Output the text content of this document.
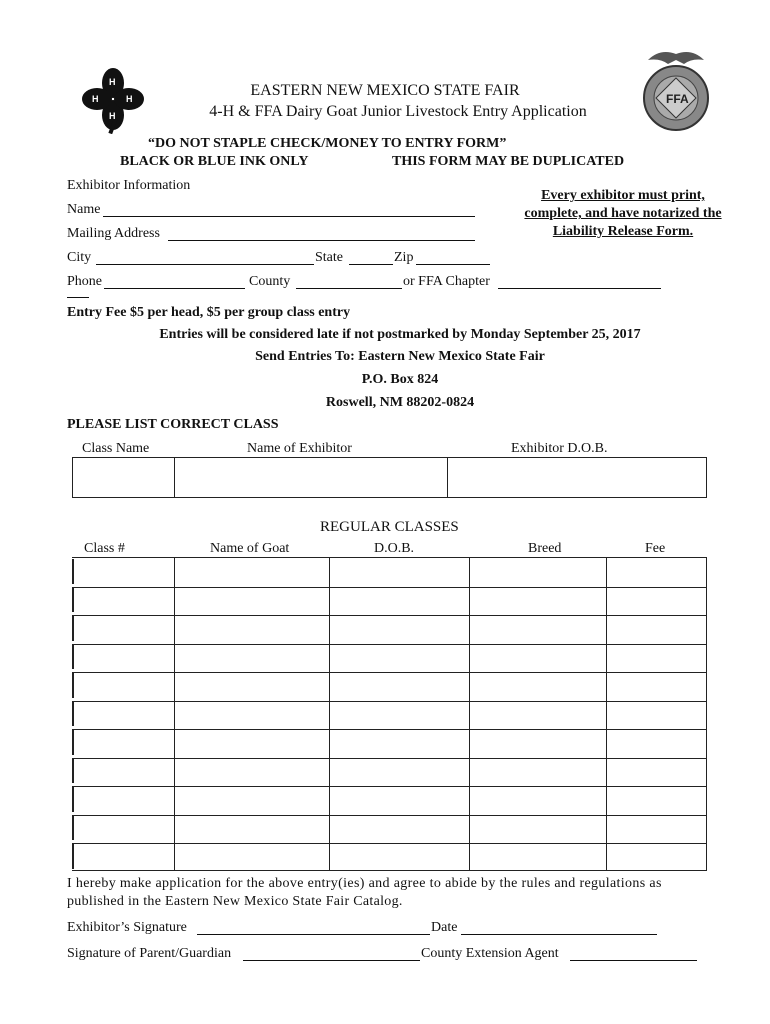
H
H
H	H	FFA
EASTERN NEW MEXICO STATE FAIR
4-H & FFA Dairy Goat Junior Livestock Entry Application
“DO NOT STAPLE CHECK/MONEY TO ENTRY FORM”
BLACK OR BLUE INK ONLY	THIS FORM MAY BE DUPLICATED
Exhibitor Information
Name
Mailing Address
City	State	Zip
Phone	County	or FFA Chapter
Every exhibitor must print,
complete, and have notarized the
Liability Release Form.
Entry Fee $5 per head, $5 per group class entry
Entries will be considered late if not postmarked by Monday September 25, 2017
Send Entries To: Eastern New Mexico State Fair
P.O. Box 824
Roswell, NM 88202-0824
PLEASE LIST CORRECT CLASS
Class Name	Name of Exhibitor	Exhibitor D.O.B.
REGULAR CLASSES
Class #	Name of Goat	D.O.B.	Breed	Fee
I hereby make application for the above entry(ies) and agree to abide by the rules and regulations as
published in the Eastern New Mexico State Fair Catalog.
Exhibitor’s Signature	Date
Signature of Parent/Guardian	County Extension Agent
